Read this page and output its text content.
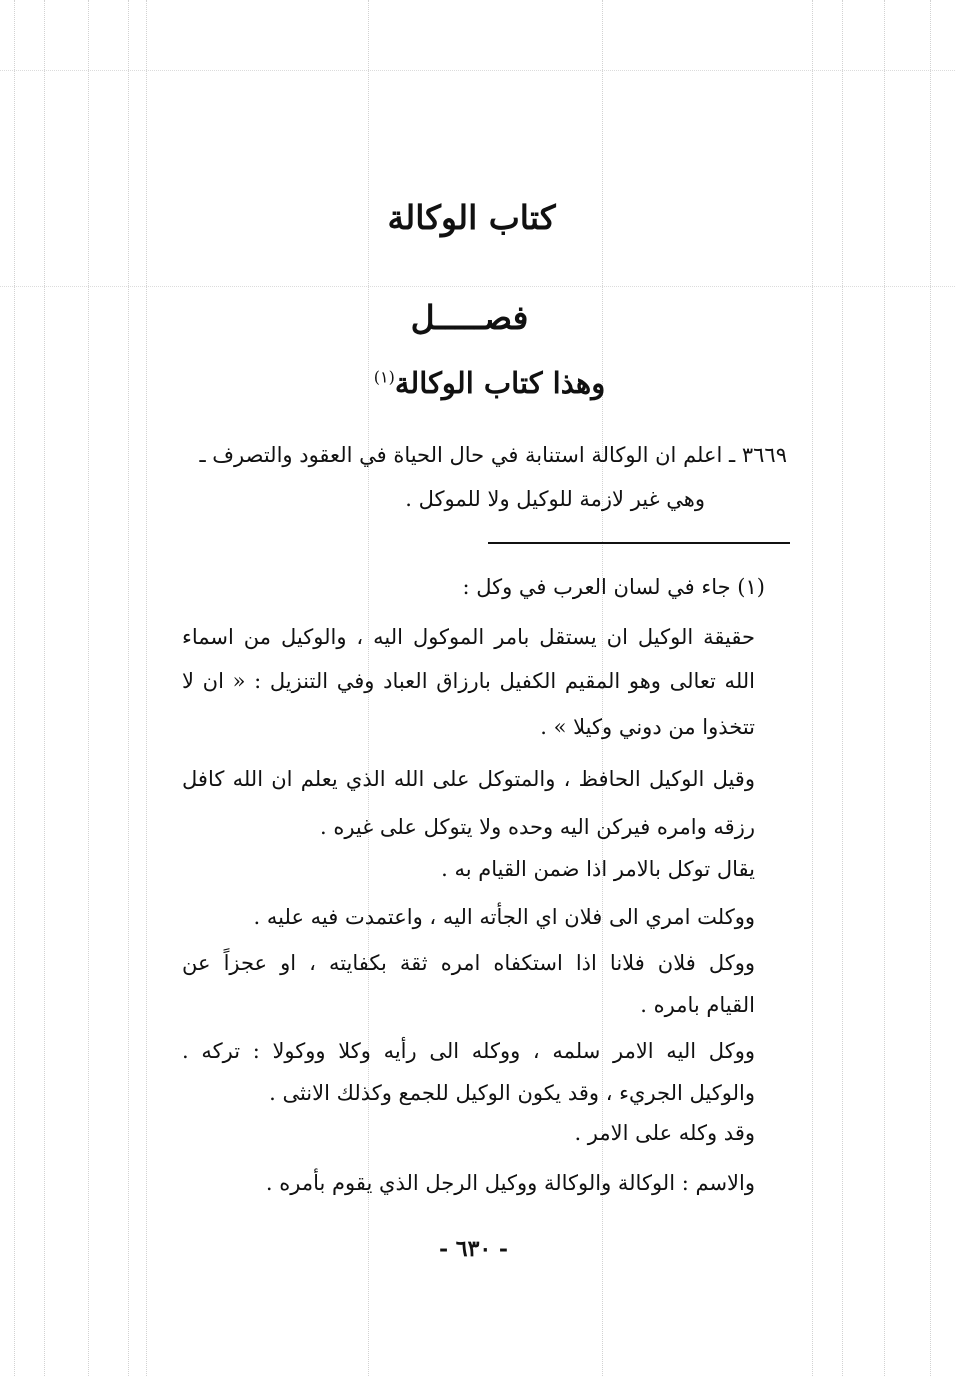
كتاب الوكالة
فصـــــل
وهذا كتاب الوكالة$^{(١)}$

٣٦٦٩ ـ اعلم ان الوكالة استنابة في حال الحياة في العقود والتصرف ـ

وهي غير لازمة للوكيل ولا للموكل .

(١) جاء في لسان العرب في وكل :

حقيقة الوكيل ان يستقل بامر الموكول اليه ، والوكيل من اسماء

الله تعالى وهو المقيم الكفيل بارزاق العباد وفي التنزيل : « ان لا

تتخذوا من دوني وكيلا » .

وقيل الوكيل الحافظ ، والمتوكل على الله الذي يعلم ان الله كافل

رزقه وامره فيركن اليه وحده ولا يتوكل على غيره .

يقال توكل بالامر اذا ضمن القيام به .

ووكلت امري الى فلان اي الجأته اليه ، واعتمدت فيه عليه .

ووكل فلان فلانا اذا استكفاه امره ثقة بكفايته ، او عجزاً عن

القيام بامره .

ووكل اليه الامر سلمه ، ووكله الى رأيه وكلا ووكولا : تركه .

والوكيل الجريء ، وقد يكون الوكيل للجمع وكذلك الانثى .

وقد وكله على الامر .

والاسم : الوكالة والوكالة ووكيل الرجل الذي يقوم بأمره .

- ٦٣٠ -
